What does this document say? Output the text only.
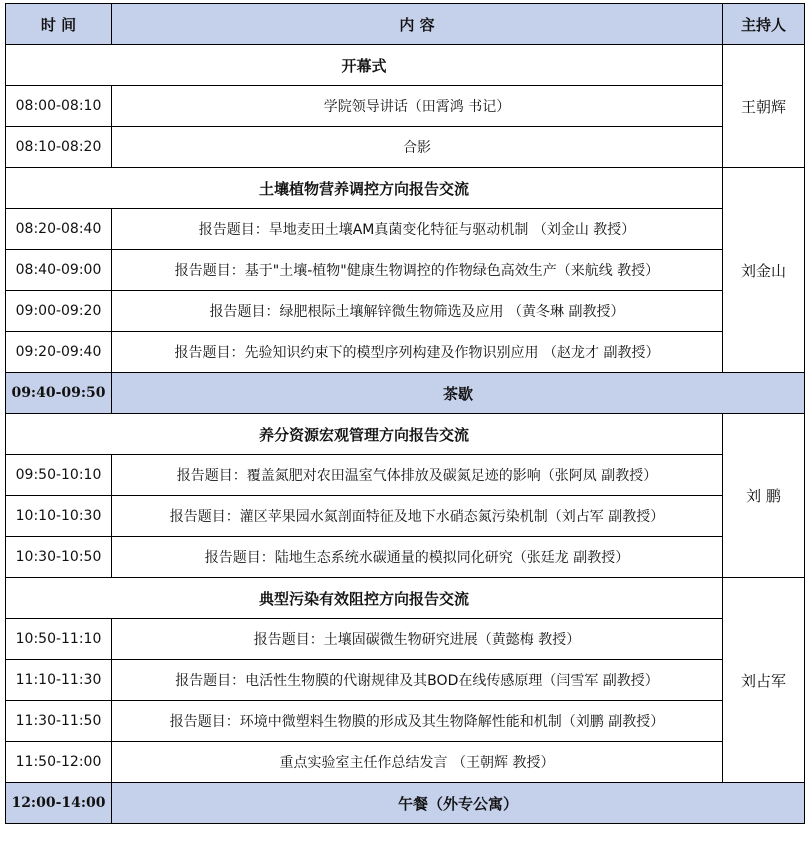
时 间	内 容	主持人
开幕式		王朝辉
08:00-08:10	学院领导讲话（田霄鸿 书记）	
08:10-08:20	合影	
土壤植物营养调控方向报告交流		刘金山
08:20-08:40	报告题目：旱地麦田土壤AM真菌变化特征与驱动机制 （刘金山 教授）	
08:40-09:00	报告题目：基于"土壤-植物"健康生物调控的作物绿色高效生产（来航线 教授）	
09:00-09:20	报告题目：绿肥根际土壤解锌微生物筛选及应用 （黄冬琳 副教授）	
09:20-09:40	报告题目：先验知识约束下的模型序列构建及作物识别应用 （赵龙才 副教授）	
09:40-09:50	茶歇	
养分资源宏观管理方向报告交流		刘 鹏
09:50-10:10	报告题目：覆盖氮肥对农田温室气体排放及碳氮足迹的影响（张阿凤 副教授）	
10:10-10:30	报告题目：灌区苹果园水氮剖面特征及地下水硝态氮污染机制（刘占军 副教授）	
10:30-10:50	报告题目：陆地生态系统水碳通量的模拟同化研究（张廷龙 副教授）	
典型污染有效阻控方向报告交流		刘占军
10:50-11:10	报告题目：土壤固碳微生物研究进展（黄懿梅 教授）	
11:10-11:30	报告题目：电活性生物膜的代谢规律及其BOD在线传感原理（闫雪军 副教授）	
11:30-11:50	报告题目：环境中微塑料生物膜的形成及其生物降解性能和机制（刘鹏 副教授）	
11:50-12:00	重点实验室主任作总结发言 （王朝辉 教授）	
12:00-14:00	午餐（外专公寓）	
